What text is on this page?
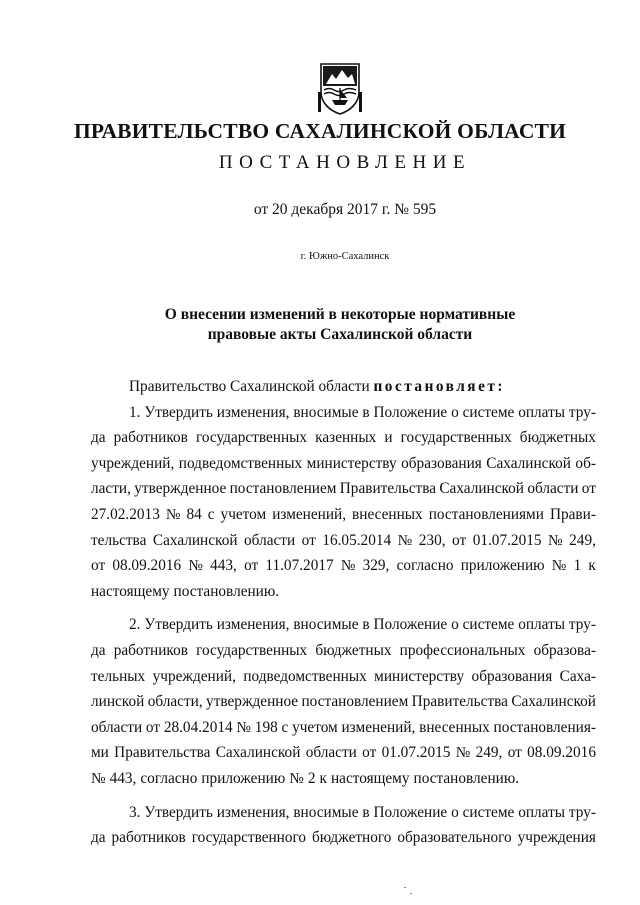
ПРАВИТЕЛЬСТВО САХАЛИНСКОЙ ОБЛАСТИ
ПОСТАНОВЛЕНИЕ
от 20 декабря 2017 г. № 595
г. Южно-Сахалинск
О внесении изменений в некоторые нормативные
правовые акты Сахалинской области
Правительство Сахалинской области постановляет:
1. Утвердить изменения, вносимые в Положение о системе оплаты тру-
да работников государственных казенных и государственных бюджетных
учреждений, подведомственных министерству образования Сахалинской об-
ласти, утвержденное постановлением Правительства Сахалинской области от
27.02.2013 № 84 с учетом изменений, внесенных постановлениями Прави-
тельства Сахалинской области от 16.05.2014 № 230, от 01.07.2015 № 249,
от 08.09.2016 № 443, от 11.07.2017 № 329, согласно приложению № 1 к
настоящему постановлению.
2. Утвердить изменения, вносимые в Положение о системе оплаты тру-
да работников государственных бюджетных профессиональных образова-
тельных учреждений, подведомственных министерству образования Саха-
линской области, утвержденное постановлением Правительства Сахалинской
области от 28.04.2014 № 198 с учетом изменений, внесенных постановления-
ми Правительства Сахалинской области от 01.07.2015 № 249, от 08.09.2016
№ 443, согласно приложению № 2 к настоящему постановлению.
3. Утвердить изменения, вносимые в Положение о системе оплаты тру-
да работников государственного бюджетного образовательного учреждения
